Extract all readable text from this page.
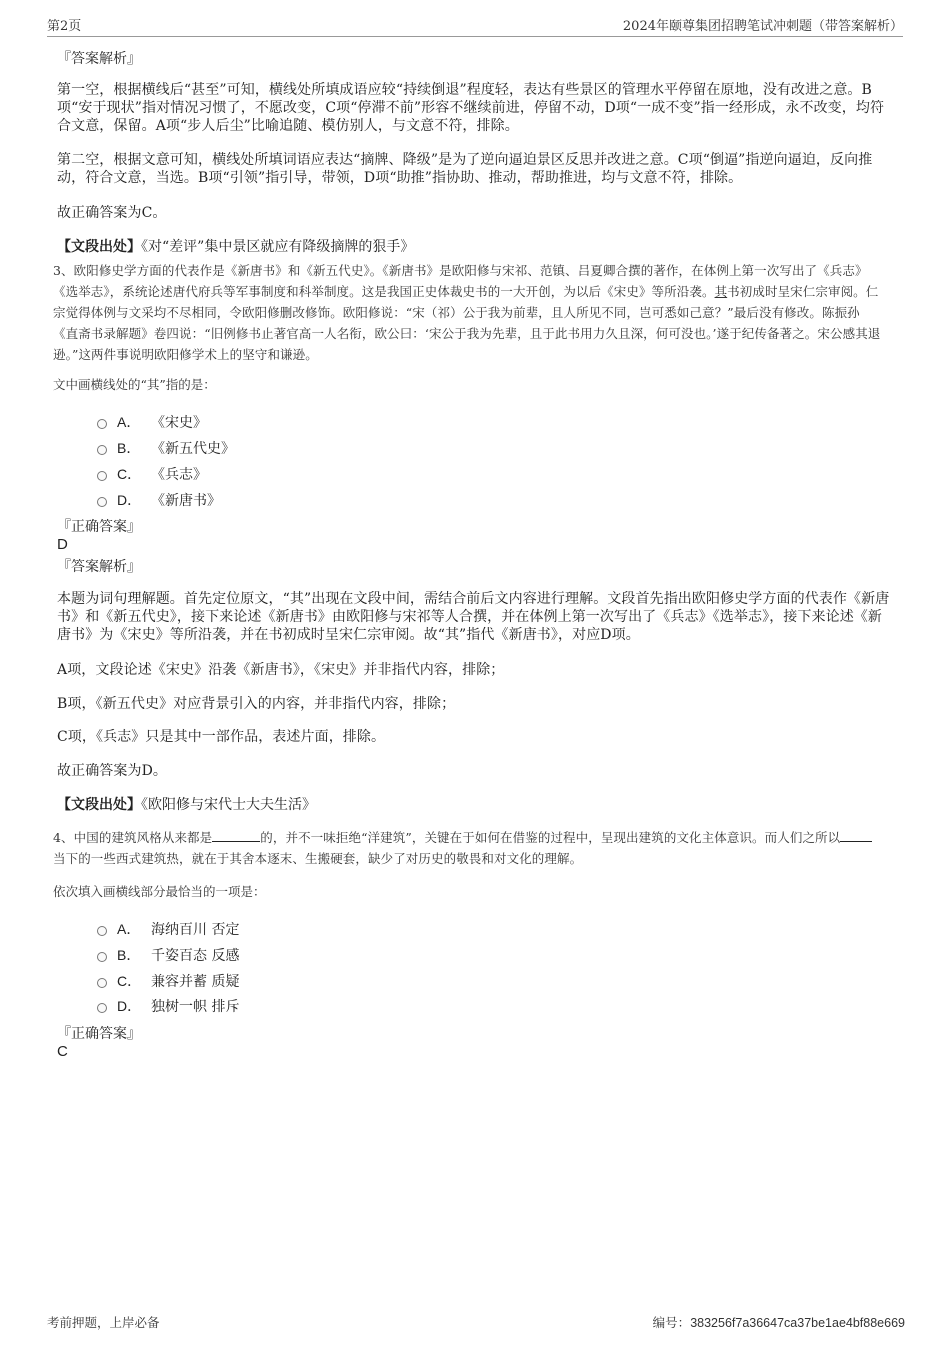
第2页	2024年颐尊集团招聘笔试冲刺题（带答案解析）
『答案解析』
第一空，根据横线后“甚至”可知，横线处所填成语应较“持续倒退”程度轻，表达有些景区的管理水平停留在原地，没有改进之意。B项“安于现状”指对情况习惯了，不愿改变，C项“停滞不前”形容不继续前进，停留不动，D项“一成不变”指一经形成，永不改变，均符合文意，保留。A项“步人后尘”比喻追随、模仿别人，与文意不符，排除。
第二空，根据文意可知，横线处所填词语应表达“摘牌、降级”是为了逆向逼迫景区反思并改进之意。C项“倒逼”指逆向逼迫，反向推动，符合文意，当选。B项“引领”指引导，带领，D项“助推”指协助、推动，帮助推进，均与文意不符，排除。
故正确答案为C。
【文段出处】《对“差评”集中景区就应有降级摘牌的狠手》
3、欧阳修史学方面的代表作是《新唐书》和《新五代史》。《新唐书》是欧阳修与宋祁、范镇、吕夏卿合撰的著作，在体例上第一次写出了《兵志》《选举志》，系统论述唐代府兵等军事制度和科举制度。这是我国正史体裁史书的一大开创，为以后《宋史》等所沿袭。其书初成时呈宋仁宗审阅。仁宗觉得体例与文采均不尽相同，令欧阳修删改修饰。欧阳修说：“宋（祁）公于我为前辈，且人所见不同，岂可悉如己意？”最后没有修改。陈振孙《直斋书录解题》卷四说：“旧例修书止著官高一人名衔，欧公曰：‘宋公于我为先辈，且于此书用力久且深，何可没也。’遂于纪传备著之。宋公感其退逊。”这两件事说明欧阳修学术上的坚守和谦逊。
文中画横线处的“其”指的是：
A． 《宋史》
B． 《新五代史》
C． 《兵志》
D． 《新唐书》
『正确答案』
D
『答案解析』
本题为词句理解题。首先定位原文，“其”出现在文段中间，需结合前后文内容进行理解。文段首先指出欧阳修史学方面的代表作《新唐书》和《新五代史》，接下来论述《新唐书》由欧阳修与宋祁等人合撰，并在体例上第一次写出了《兵志》《选举志》，接下来论述《新唐书》为《宋史》等所沿袭，并在书初成时呈宋仁宗审阅。故“其”指代《新唐书》，对应D项。
A项，文段论述《宋史》沿袭《新唐书》，《宋史》并非指代内容，排除；
B项，《新五代史》对应背景引入的内容，并非指代内容，排除；
C项，《兵志》只是其中一部作品，表述片面，排除。
故正确答案为D。
【文段出处】《欧阳修与宋代士大夫生活》
4、中国的建筑风格从来都是	的，并不一味拒绝“洋建筑”，关键在于如何在借鉴的过程中，呈现出建筑的文化主体意识。而人们之所以当下的一些西式建筑热，就在于其舍本逐末、生搬硬套，缺少了对历史的敬畏和对文化的理解。
依次填入画横线部分最恰当的一项是：
A． 海纳百川 否定
B． 千姿百态 反感
C． 兼容并蓄 质疑
D． 独树一帜 排斥
『正确答案』
C
考前押题，上岸必备	编号：383256f7a36647ca37be1ae4bf88e669
